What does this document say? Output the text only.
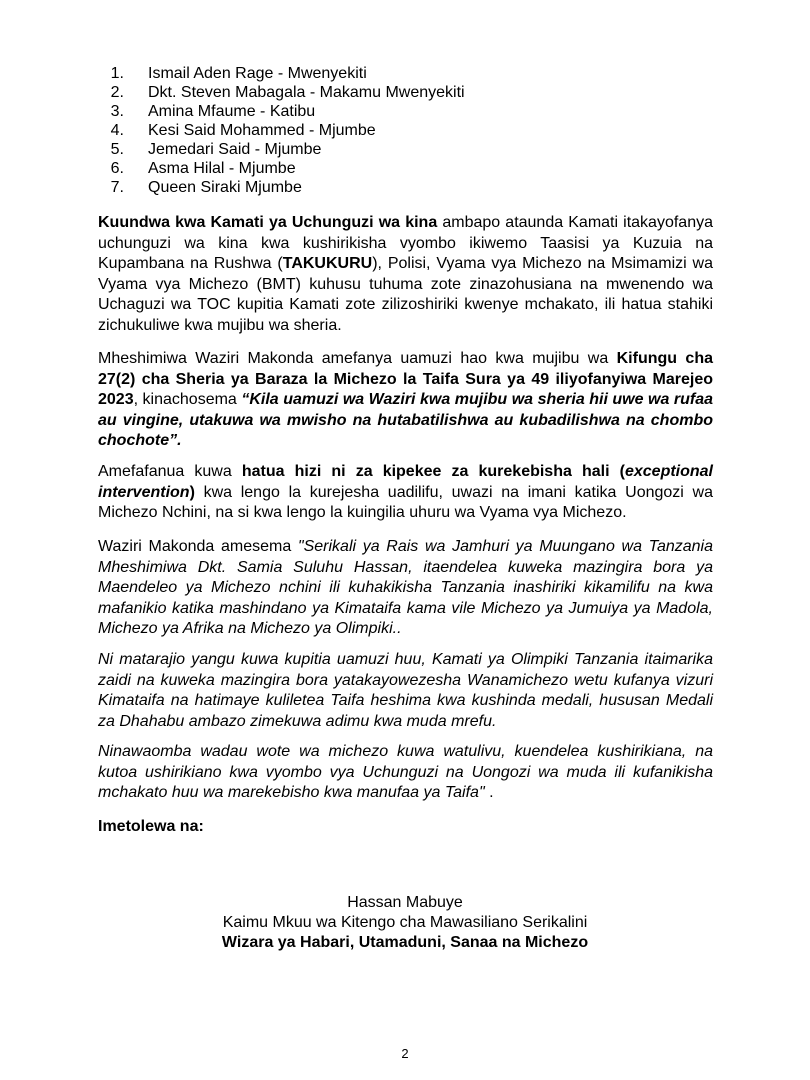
1. Ismail Aden Rage - Mwenyekiti
2. Dkt. Steven Mabagala - Makamu Mwenyekiti
3. Amina Mfaume - Katibu
4. Kesi Said Mohammed - Mjumbe
5. Jemedari Said - Mjumbe
6. Asma Hilal - Mjumbe
7. Queen Siraki Mjumbe

Kuundwa kwa Kamati ya Uchunguzi wa kina ambapo ataunda Kamati itakayofanya uchunguzi wa kina kwa kushirikisha vyombo ikiwemo Taasisi ya Kuzuia na Kupambana na Rushwa (TAKUKURU), Polisi, Vyama vya Michezo na Msimamizi wa Vyama vya Michezo (BMT) kuhusu tuhuma zote zinazohusiana na mwenendo wa Uchaguzi wa TOC kupitia Kamati zote zilizoshiriki kwenye mchakato, ili hatua stahiki zichukuliwe kwa mujibu wa sheria.

Mheshimiwa Waziri Makonda amefanya uamuzi hao kwa mujibu wa Kifungu cha 27(2) cha Sheria ya Baraza la Michezo la Taifa Sura ya 49 iliyofanyiwa Marejeo 2023, kinachosema “Kila uamuzi wa Waziri kwa mujibu wa sheria hii uwe wa rufaa au vingine, utakuwa wa mwisho na hutabatilishwa au kubadilishwa na chombo chochote”.

Amefafanua kuwa hatua hizi ni za kipekee za kurekebisha hali (exceptional intervention) kwa lengo la kurejesha uadilifu, uwazi na imani katika Uongozi wa Michezo Nchini, na si kwa lengo la kuingilia uhuru wa Vyama vya Michezo.

Waziri Makonda amesema "Serikali ya Rais wa Jamhuri ya Muungano wa Tanzania Mheshimiwa Dkt. Samia Suluhu Hassan, itaendelea kuweka mazingira bora ya Maendeleo ya Michezo nchini ili kuhakikisha Tanzania inashiriki kikamilifu na kwa mafanikio katika mashindano ya Kimataifa kama vile Michezo ya Jumuiya ya Madola, Michezo ya Afrika na Michezo ya Olimpiki..

Ni matarajio yangu kuwa kupitia uamuzi huu, Kamati ya Olimpiki Tanzania itaimarika zaidi na kuweka mazingira bora yatakayowezesha Wanamichezo wetu kufanya vizuri Kimataifa na hatimaye kuliletea Taifa heshima kwa kushinda medali, hususan Medali za Dhahabu ambazo zimekuwa adimu kwa muda mrefu.

Ninawaomba wadau wote wa michezo kuwa watulivu, kuendelea kushirikiana, na kutoa ushirikiano kwa vyombo vya Uchunguzi na Uongozi wa muda ili kufanikisha mchakato huu wa marekebisho kwa manufaa ya Taifa" .

Imetolewa na:
Hassan Mabuye
Kaimu Mkuu wa Kitengo cha Mawasiliano Serikalini
Wizara ya Habari, Utamaduni, Sanaa na Michezo
2
